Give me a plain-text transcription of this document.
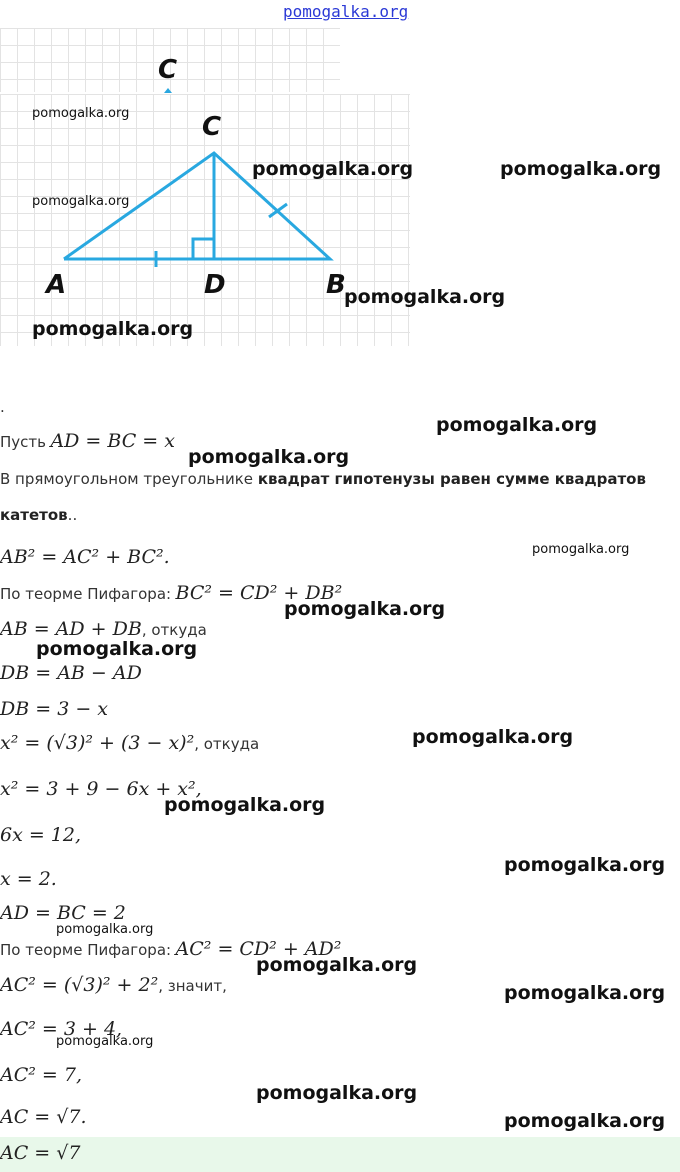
pomogalka.org
C
A	D	B
C
pomogalka.org
pomogalka.org
pomogalka.org	pomogalka.org
pomogalka.org
pomogalka.org
.
Пусть AD = BC = x
В прямоугольном треугольнике квадрат гипотенузы равен сумме квадратов
катетов..
AB² = AC² + BC².
По теорме Пифагора: BC² = CD² + DB²
AB = AD + DB, откуда
DB = AB − AD
DB = 3 − x
x² = (√3)² + (3 − x)², откуда
x² = 3 + 9 − 6x + x²,
6x = 12,
x = 2.
AD = BC = 2
По теорме Пифагора: AC² = CD² + AD²
AC² = (√3)² + 2², значит,
AC² = 3 + 4,
AC² = 7,
AC = √7.
AC = √7
pomogalka.org
pomogalka.org
pomogalka.org
pomogalka.org
pomogalka.org
pomogalka.org
pomogalka.org
pomogalka.org
pomogalka.org
pomogalka.org
pomogalka.org
pomogalka.org
pomogalka.org
pomogalka.org
